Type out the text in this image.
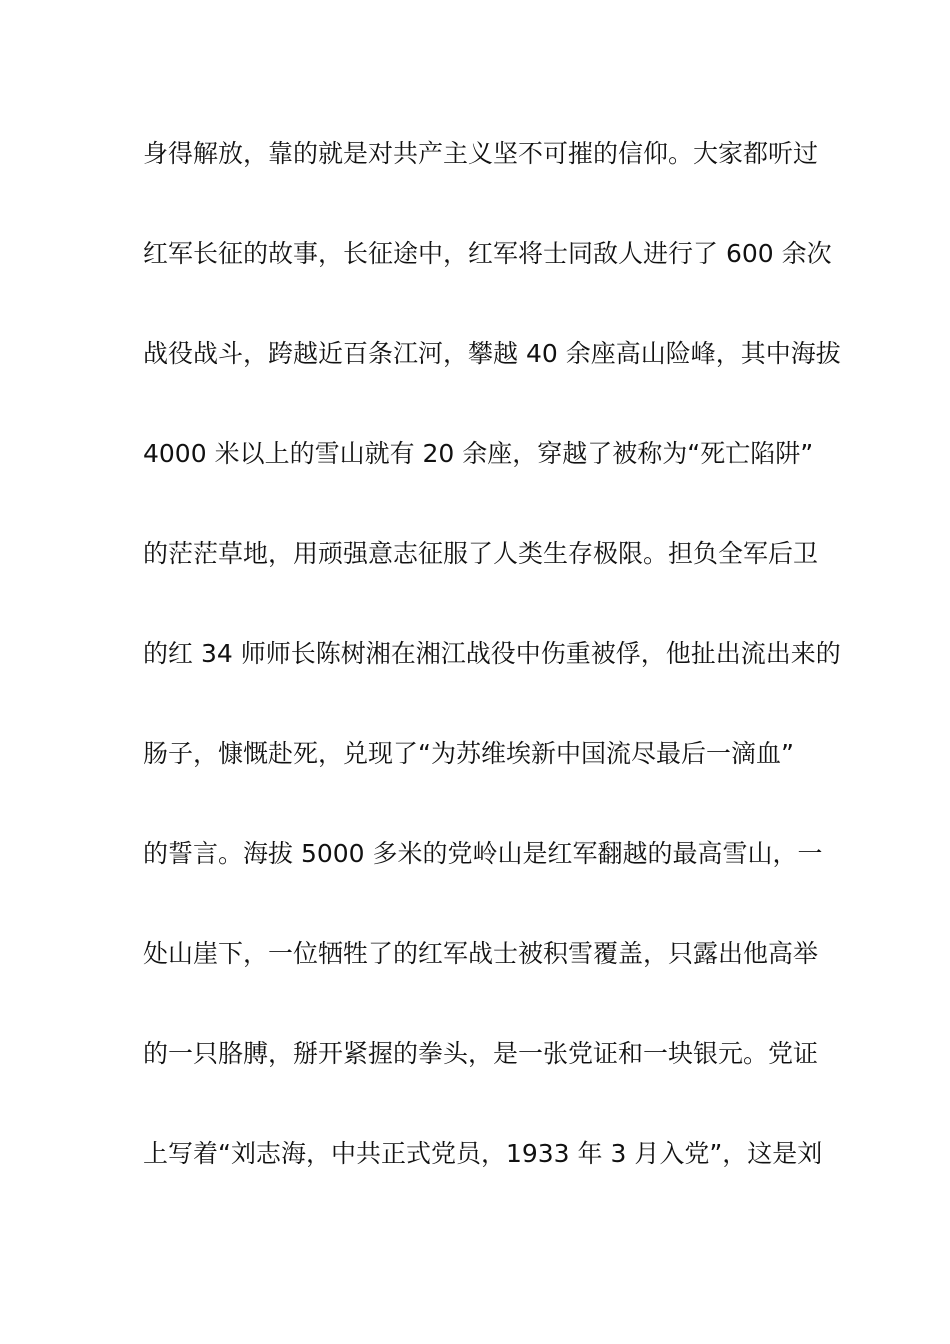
身得解放，靠的就是对共产主义坚不可摧的信仰。大家都听过
红军长征的故事，长征途中，红军将士同敌人进行了 600 余次
战役战斗，跨越近百条江河，攀越 40 余座高山险峰，其中海拔
4000 米以上的雪山就有 20 余座，穿越了被称为“死亡陷阱”
的茫茫草地，用顽强意志征服了人类生存极限。担负全军后卫
的红 34 师师长陈树湘在湘江战役中伤重被俘，他扯出流出来的
肠子，慷慨赴死，兑现了“为苏维埃新中国流尽最后一滴血”
的誓言。海拔 5000 多米的党岭山是红军翻越的最高雪山，一
处山崖下，一位牺牲了的红军战士被积雪覆盖，只露出他高举
的一只胳膊，掰开紧握的拳头，是一张党证和一块银元。党证
上写着“刘志海，中共正式党员，1933 年 3 月入党”，这是刘
